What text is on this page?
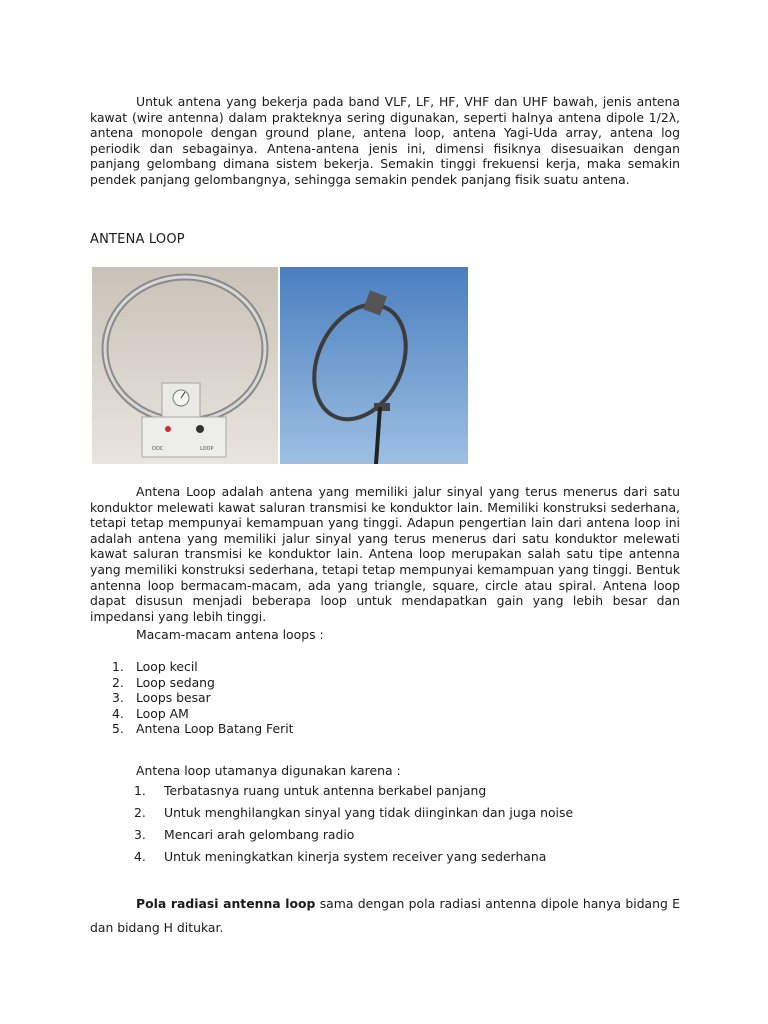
Untuk antena yang bekerja pada band VLF, LF, HF, VHF dan UHF bawah, jenis antena kawat (wire antenna) dalam prakteknya sering digunakan, seperti halnya antena dipole 1/2λ, antena monopole dengan ground plane, antena loop, antena Yagi-Uda array, antena log periodik dan sebagainya. Antena-antena jenis ini, dimensi fisiknya disesuaikan dengan panjang gelombang dimana sistem bekerja. Semakin tinggi frekuensi kerja, maka semakin pendek panjang gelombangnya, sehingga semakin pendek panjang fisik suatu antena.

ANTENA LOOP

DOC	LOOP

Antena Loop adalah antena yang memiliki jalur sinyal yang terus menerus dari satu konduktor melewati kawat saluran transmisi ke konduktor lain. Memiliki konstruksi sederhana, tetapi tetap mempunyai kemampuan yang tinggi. Adapun pengertian lain dari antena loop ini adalah antena yang memiliki jalur sinyal yang terus menerus dari satu konduktor melewati kawat saluran transmisi ke konduktor lain. Antena loop merupakan salah satu tipe antenna yang memiliki konstruksi sederhana, tetapi tetap mempunyai kemampuan yang tinggi. Bentuk antenna loop bermacam-macam, ada yang triangle, square, circle atau spiral. Antena loop dapat disusun menjadi beberapa loop untuk mendapatkan gain yang lebih besar dan impedansi yang lebih tinggi.

Macam-macam antena loops :

1. Loop kecil
2. Loop sedang
3. Loops besar
4. Loop AM
5. Antena Loop Batang Ferit

Antena loop utamanya digunakan karena :

1. Terbatasnya ruang untuk antenna berkabel panjang
2. Untuk menghilangkan sinyal yang tidak diinginkan dan juga noise
3. Mencari arah gelombang radio
4. Untuk meningkatkan kinerja system receiver yang sederhana

Pola radiasi antenna loop sama dengan pola radiasi antenna dipole hanya bidang E dan bidang H ditukar.
